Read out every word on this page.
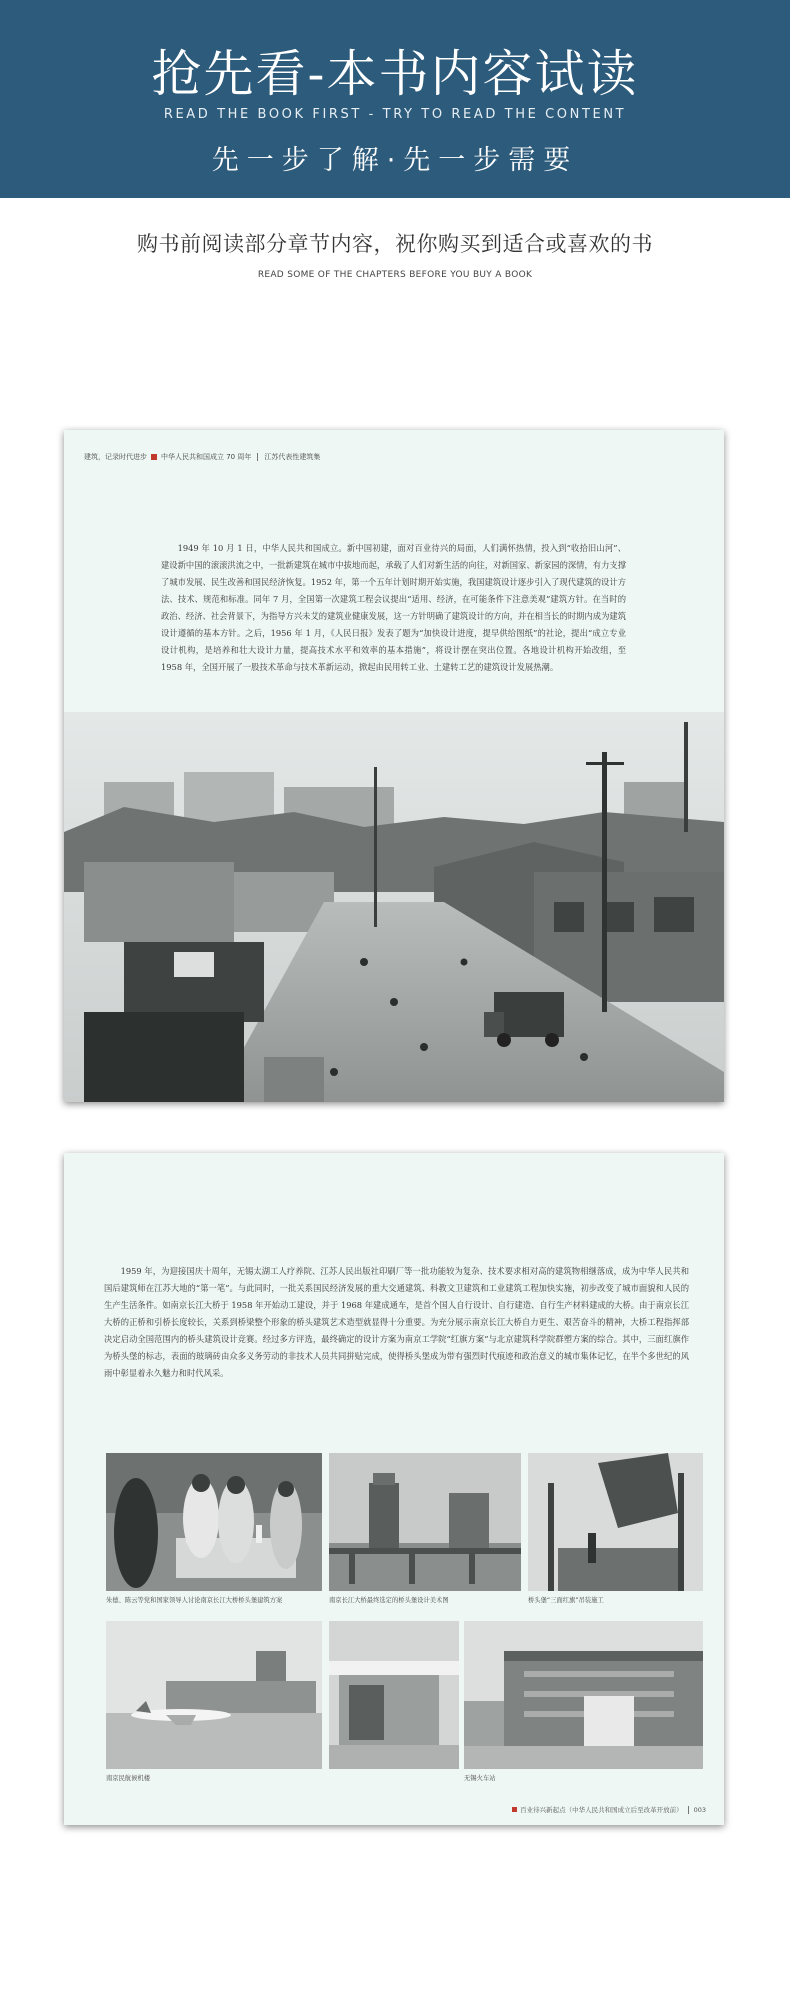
抢先看-本书内容试读
READ THE BOOK FIRST - TRY TO READ THE CONTENT
先一步了解·先一步需要
购书前阅读部分章节内容，祝你购买到适合或喜欢的书
READ SOME OF THE CHAPTERS BEFORE YOU BUY A BOOK
建筑，记录时代进步 中华人民共和国成立 70 周年 江苏代表性建筑集

1949 年 10 月 1 日，中华人民共和国成立。新中国初建，面对百业待兴的局面，人们满怀热情，投入到“收拾旧山河”、建设新中国的滚滚洪流之中，一批新建筑在城市中拔地而起，承载了人们对新生活的向往，对新国家、新家园的深情，有力支撑了城市发展、民生改善和国民经济恢复。1952 年，第一个五年计划时期开始实施，我国建筑设计逐步引入了现代建筑的设计方法、技术、规范和标准。同年 7 月，全国第一次建筑工程会议提出“适用、经济，在可能条件下注意美观”建筑方针。在当时的政治、经济、社会背景下，为指导方兴未艾的建筑业健康发展，这一方针明确了建筑设计的方向，并在相当长的时期内成为建筑设计遵循的基本方针。之后，1956 年 1 月，《人民日报》发表了题为“加快设计进度，提早供给图纸”的社论，提出“成立专业设计机构，是培养和壮大设计力量，提高技术水平和效率的基本措施”，将设计摆在突出位置。各地设计机构开始改组，至 1958 年，全国开展了一股技术革命与技术革新运动，掀起由民用转工业、土建转工艺的建筑设计发展热潮。

1959 年，为迎接国庆十周年，无锡太湖工人疗养院、江苏人民出版社印刷厂等一批功能较为复杂、技术要求相对高的建筑物相继落成，成为中华人民共和国后建筑师在江苏大地的“第一笔”。与此同时，一批关系国民经济发展的重大交通建筑、科教文卫建筑和工业建筑工程加快实施，初步改变了城市面貌和人民的生产生活条件。如南京长江大桥于 1958 年开始动工建设，并于 1968 年建成通车，是首个国人自行设计、自行建造、自行生产材料建成的大桥。由于南京长江大桥的正桥和引桥长度较长，关系到桥梁整个形象的桥头建筑艺术造型就显得十分重要。为充分展示南京长江大桥自力更生、艰苦奋斗的精神，大桥工程指挥部决定启动全国范围内的桥头建筑设计竞赛。经过多方评选，最终确定的设计方案为南京工学院“红旗方案”与北京建筑科学院群塑方案的综合。其中，三面红旗作为桥头堡的标志，表面的玻璃砖由众多义务劳动的非技术人员共同拼贴完成，使得桥头堡成为带有强烈时代痕迹和政治意义的城市集体记忆，在半个多世纪的风雨中彰显着永久魅力和时代风采。

朱德、陈云等党和国家领导人讨论南京长江大桥桥头堡建筑方案	南京长江大桥最终选定的桥头堡设计美术图	桥头堡“三面红旗”吊装施工
南京民航候机楼	无锡火车站
百业待兴新起点（中华人民共和国成立后至改革开放前） 003
